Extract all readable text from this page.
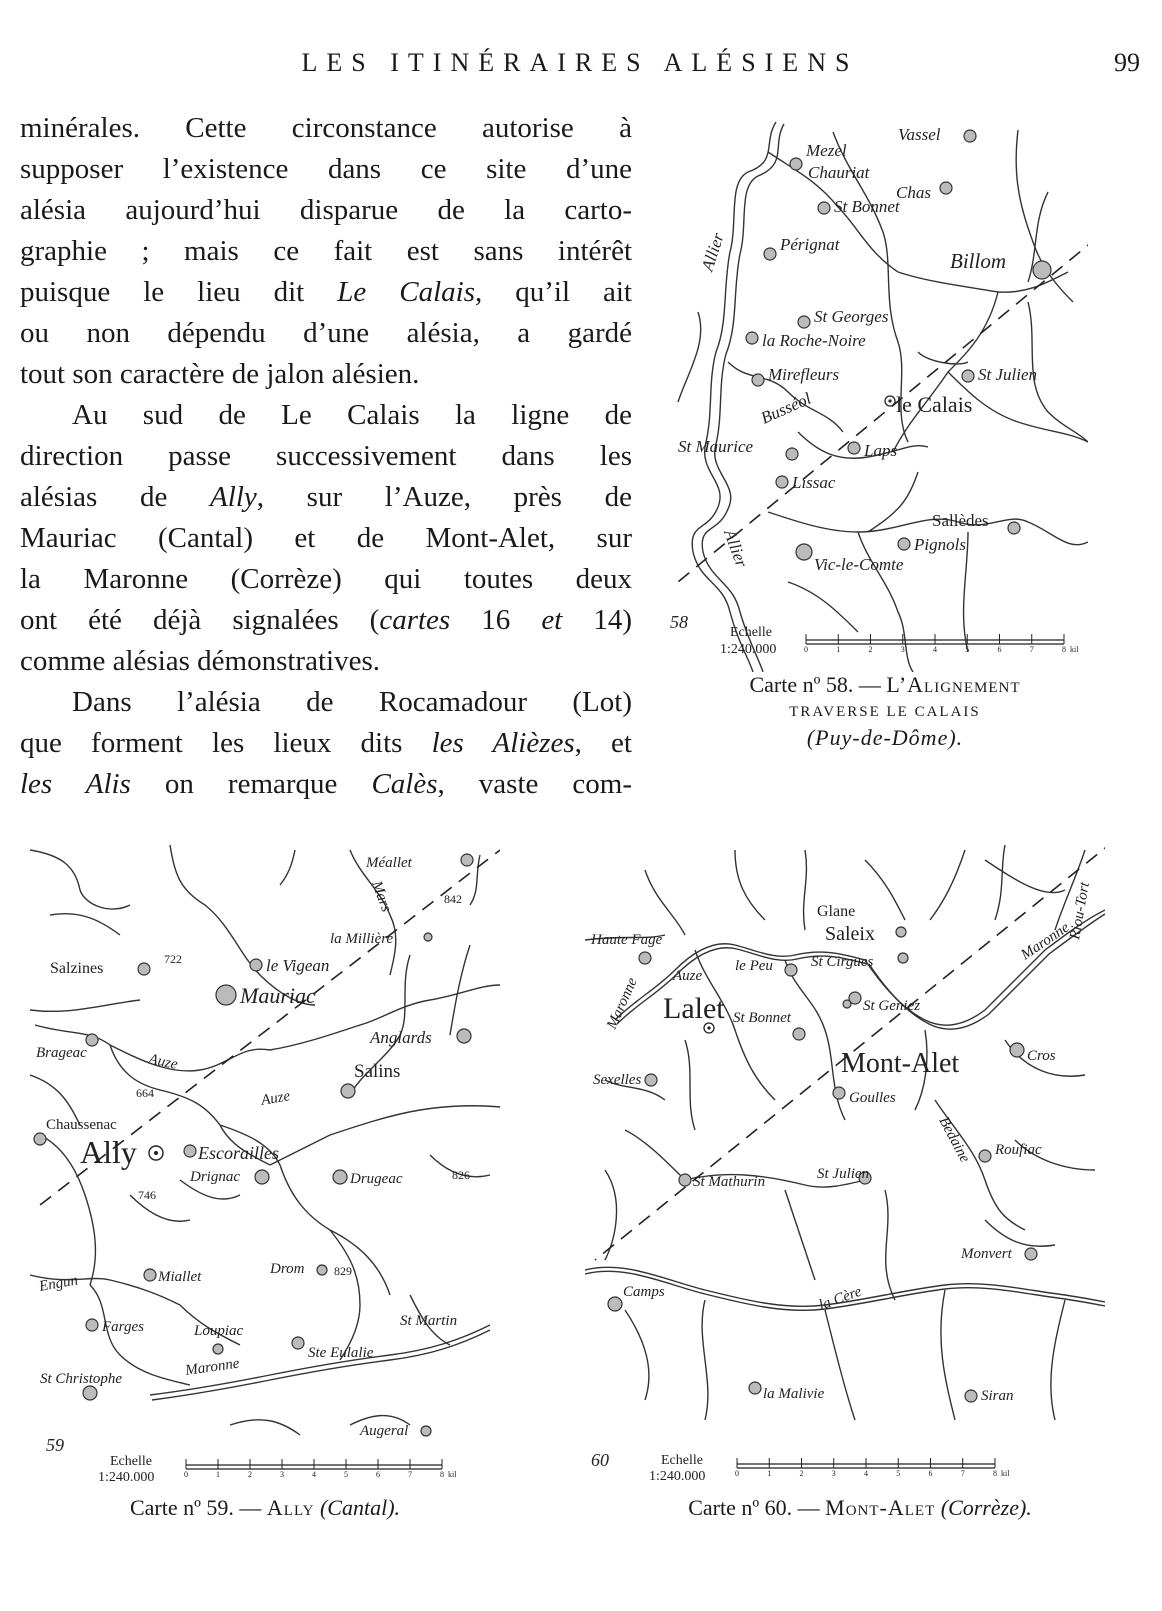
LES ITINÉRAIRES ALÉSIENS	99

minérales. Cette circonstance autorise à

supposer l’existence dans ce site d’une

alésia aujourd’hui disparue de la carto-

graphie ; mais ce fait est sans intérêt

puisque le lieu dit Le Calais, qu’il ait

ou non dépendu d’une alésia, a gardé

tout son caractère de jalon alésien.

Au sud de Le Calais la ligne de

direction passe successivement dans les

alésias de Ally, sur l’Auze, près de

Mauriac (Cantal) et de Mont-Alet, sur

la Maronne (Corrèze) qui toutes deux

ont été déjà signalées (cartes 16 et 14)

comme alésias démonstratives.

Dans l’alésia de Rocamadour (Lot)

que forment les lieux dits les Alièzes, et

les Alis on remarque Calès, vaste com-

Vassel
Mezel
Chauriat
Chas
St Bonnet
Pérignat
Billom
St Georges
la Roche-Noire
Mirefleurs	St Julien
le Calais
Busséol
St Maurice	Laps
Lissac
Sallèdes
Pignols
Vic-le-Comte
Allier
Allier
58
Echelle
1:240.000	0	1	2	3	4	5	6	7	8 kil
Carte nº 58. — L’Alignement
TRAVERSE LE CALAIS
(Puy-de-Dôme).
Méallet
842
Mars
la Millière
Salzines
722	le Vigean
Mauriac
Anglards
Brageac	Auze
664
Salins
Auze
Chaussenac
Ally	Escorailles
Drignac	Drugeac	826
746
Engun	Miallet	Drom 829
Farges	Loupiac
St Martin
Ste Eulalie
St Christophe
Maronne
Augeral
59
Echelle
1:240.000	0	1	2	3	4	5	6	7	8 kil
Carte nº 59. — Ally (Cantal).
Riou-Tort
Glane
Saleix
Haute Fage
Auze
le Peu	St Cirgues
Maronne Lalet St Bonnet
St Geniez
Maronne
Mont-Alet	Cros
Sexelles
Goulles
Bedaine Roufiac
St Mathurin	St Julien
Monvert
Camps	la Cère
la Malivie	Siran
60	Echelle
1:240.000	0	1	2	3	4	5	6	7	8 kil
Carte nº 60. — Mont-Alet (Corrèze).
